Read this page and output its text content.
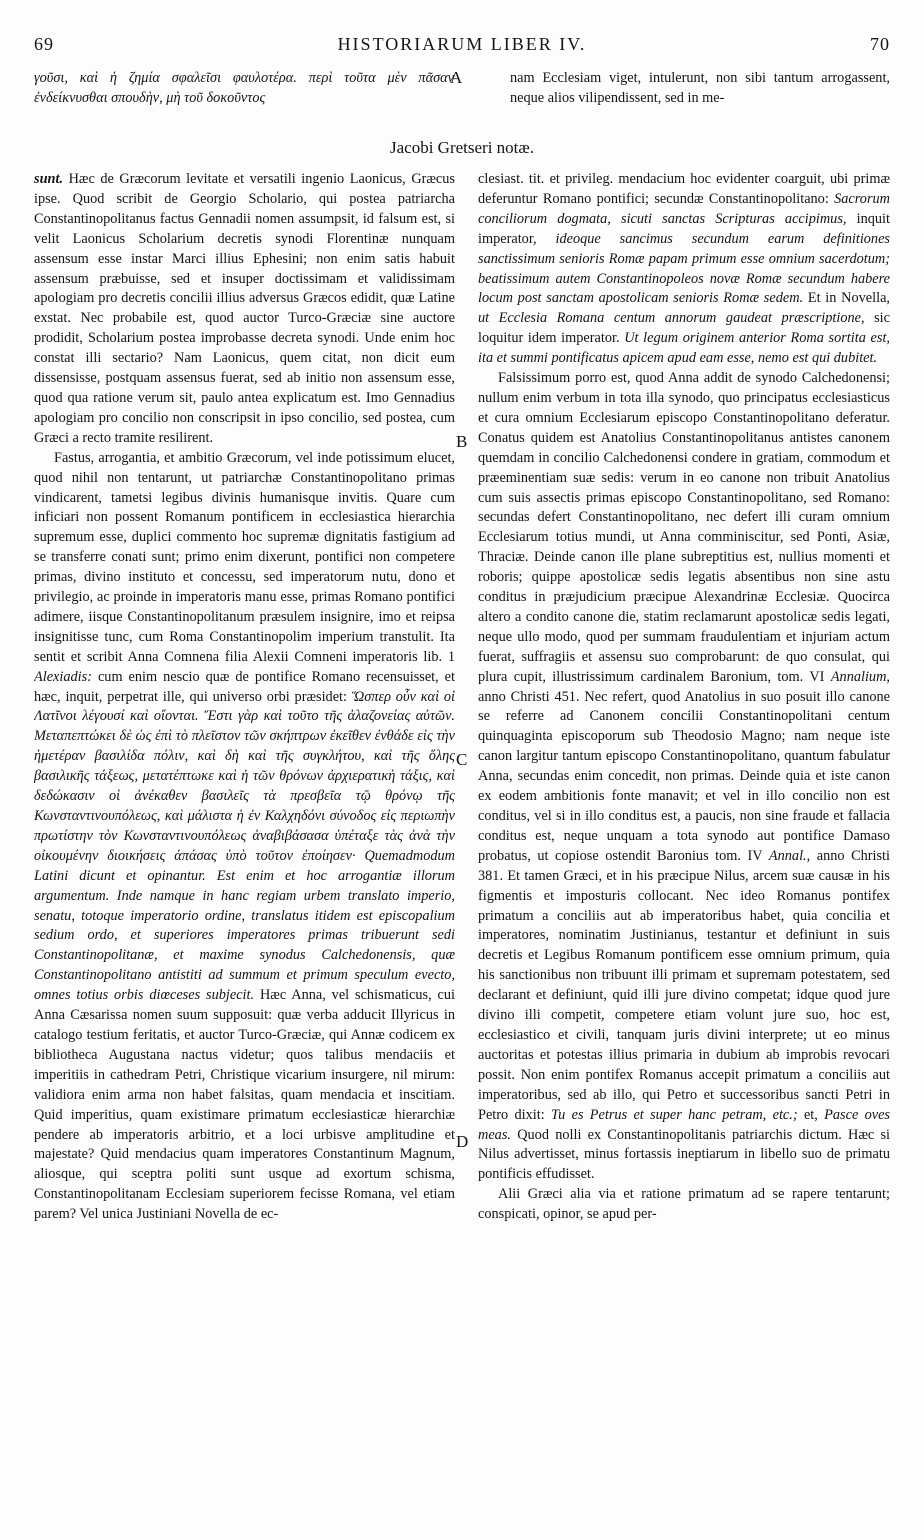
69	HISTORIARUM LIBER IV.	70
γοῦσι, καὶ ἡ ζημία σφαλεῖσι φαυλοτέρα. περὶ τοῦτα μὲν πᾶσαν ἐνδείκνυσθαι σπουδὴν, μὴ τοῦ δοκοῦντος
nam Ecclesiam viget, intulerunt, non sibi tantum arrogassent, neque alios vilipendissent, sed in me-
A
B
C
D
Jacobi Gretseri notæ.

sunt. Hæc de Græcorum levitate et versatili ingenio Laonicus, Græcus ipse. Quod scribit de Georgio Scholario, qui postea patriarcha Constantinopolitanus factus Gennadii nomen assumpsit, id falsum est, si velit Laonicus Scholarium decretis synodi Florentinæ nunquam assensum esse instar Marci illius Ephesini; non enim satis habuit assensum præbuisse, sed et insuper doctissimam et validissimam apologiam pro decretis concilii illius adversus Græcos edidit, quæ Latine exstat. Nec probabile est, quod auctor Turco-Græciæ sine auctore prodidit, Scholarium postea improbasse decreta synodi. Unde enim hoc constat illi sectario? Nam Laonicus, quem citat, non dicit eum dissensisse, postquam assensus fuerat, sed ab initio non assensum esse, quod qua ratione verum sit, paulo antea explicatum est. Imo Gennadius apologiam pro concilio non conscripsit in ipso concilio, sed postea, cum Græci a recto tramite resilirent.

Fastus, arrogantia, et ambitio Græcorum, vel inde potissimum elucet, quod nihil non tentarunt, ut patriarchæ Constantinopolitano primas vindicarent, tametsi legibus divinis humanisque invitis. Quare cum inficiari non possent Romanum pontificem in ecclesiastica hierarchia supremum esse, duplici commento hoc supremæ dignitatis fastigium ad se transferre conati sunt; primo enim dixerunt, pontifici non competere primas, divino instituto et concessu, sed imperatorum nutu, dono et privilegio, ac proinde in imperatoris manu esse, primas Romano pontifici adimere, iisque Constantinopolitanum præsulem insignire, imo et reipsa insignitisse tunc, cum Roma Constantinopolim imperium transtulit. Ita sentit et scribit Anna Comnena filia Alexii Comneni imperatoris lib. 1 Alexiadis: cum enim nescio quæ de pontifice Romano recensuisset, et hæc, inquit, perpetrat ille, qui universo orbi præsidet: Ὥσπερ οὖν καὶ οἱ Λατῖνοι λέγουσί καὶ οἴονται. Ἔστι γὰρ καὶ τοῦτο τῆς ἀλαζονείας αὐτῶν. Μεταπεπτώκει δὲ ὡς ἐπὶ τὸ πλεῖστον τῶν σκήπτρων ἐκεῖθεν ἐνθάδε εἰς τὴν ἡμετέραν βασιλίδα πόλιν, καὶ δὴ καὶ τῆς συγκλήτου, καὶ τῆς ὅλης βασιλικῆς τάξεως, μετατέπτωκε καὶ ἡ τῶν θρόνων ἀρχιερατικὴ τάξις, καὶ δεδώκασιν οἱ ἀνέκαθεν βασιλεῖς τὰ πρεσβεῖα τῷ θρόνῳ τῆς Κωνσταντινουπόλεως, καὶ μάλιστα ἡ ἐν Καλχηδόνι σύνοδος εἰς περιωπὴν πρωτίστην τὸν Κωνσταντινουπόλεως ἀναβιβάσασα ὑπέταξε τὰς ἀνὰ τὴν οἰκουμένην διοικήσεις ἁπάσας ὑπὸ τοῦτον ἐποίησεν· Quemadmodum Latini dicunt et opinantur. Est enim et hoc arrogantiæ illorum argumentum. Inde namque in hanc regiam urbem translato imperio, senatu, totoque imperatorio ordine, translatus itidem est episcopalium sedium ordo, et superiores imperatores primas tribuerunt sedi Constantinopolitanæ, et maxime synodus Calchedonensis, quæ Constantinopolitano antistiti ad summum et primum speculum evecto, omnes totius orbis diœceses subjecit. Hæc Anna, vel schismaticus, cui Anna Cæsarissa nomen suum supposuit: quæ verba adducit Illyricus in catalogo testium feritatis, et auctor Turco-Græciæ, qui Annæ codicem ex bibliotheca Augustana nactus videtur; quos talibus mendaciis et imperitiis in cathedram Petri, Christique vicarium insurgere, nil mirum: validiora enim arma non habet falsitas, quam mendacia et inscitiam. Quid imperitius, quam existimare primatum ecclesiasticæ hierarchiæ pendere ab imperatoris arbitrio, et a loci urbisve amplitudine et majestate? Quid mendacius quam imperatores Constantinum Magnum, aliosque, qui sceptra politi sunt usque ad exortum schisma, Constantinopolitanam Ecclesiam superiorem fecisse Romana, vel etiam parem? Vel unica Justiniani Novella de ec-

clesiast. tit. et privileg. mendacium hoc evidenter coarguit, ubi primæ deferuntur Romano pontifici; secundæ Constantinopolitano: Sacrorum conciliorum dogmata, sicuti sanctas Scripturas accipimus, inquit imperator, ideoque sancimus secundum earum definitiones sanctissimum senioris Romæ papam primum esse omnium sacerdotum; beatissimum autem Constantinopoleos novæ Romæ secundum habere locum post sanctam apostolicam senioris Romæ sedem. Et in Novella, ut Ecclesia Romana centum annorum gaudeat præscriptione, sic loquitur idem imperator. Ut legum originem anterior Roma sortita est, ita et summi pontificatus apicem apud eam esse, nemo est qui dubitet.

Falsissimum porro est, quod Anna addit de synodo Calchedonensi; nullum enim verbum in tota illa synodo, quo principatus ecclesiasticus et cura omnium Ecclesiarum episcopo Constantinopolitano deferatur. Conatus quidem est Anatolius Constantinopolitanus antistes canonem quemdam in concilio Calchedonensi condere in gratiam, commodum et præeminentiam suæ sedis: verum in eo canone non tribuit Anatolius cum suis assectis primas episcopo Constantinopolitano, sed Romano: secundas defert Constantinopolitano, nec defert illi curam omnium Ecclesiarum totius mundi, ut Anna comminiscitur, sed Ponti, Asiæ, Thraciæ. Deinde canon ille plane subreptitius est, nullius momenti et roboris; quippe apostolicæ sedis legatis absentibus non sine astu conditus in præjudicium præcipue Alexandrinæ Ecclesiæ. Quocirca altero a condito canone die, statim reclamarunt apostolicæ sedis legati, neque ullo modo, quod per summam fraudulentiam et injuriam actum fuerat, suffragiis et assensu suo comprobarunt: de quo consulat, qui plura cupit, illustrissimum cardinalem Baronium, tom. VI Annalium, anno Christi 451. Nec refert, quod Anatolius in suo posuit illo canone se referre ad Canonem concilii Constantinopolitani centum quinquaginta episcoporum sub Theodosio Magno; nam neque iste canon largitur tantum episcopo Constantinopolitano, quantum fabulatur Anna, secundas enim concedit, non primas. Deinde quia et iste canon ex eodem ambitionis fonte manavit; et vel in illo concilio non est conditus, vel si in illo conditus est, a paucis, non sine fraude et fallacia conditus est, neque unquam a tota synodo aut pontifice Damaso probatus, ut copiose ostendit Baronius tom. IV Annal., anno Christi 381. Et tamen Græci, et in his præcipue Nilus, arcem suæ causæ in his figmentis et imposturis collocant. Nec ideo Romanus pontifex primatum a conciliis aut ab imperatoribus habet, quia concilia et imperatores, nominatim Justinianus, testantur et definiunt in suis decretis et Legibus Romanum pontificem esse omnium primum, quia his sanctionibus non tribuunt illi primam et supremam potestatem, sed declarant et definiunt, quid illi jure divino competat; idque quod jure divino illi competit, competere etiam volunt jure suo, hoc est, ecclesiastico et civili, tanquam juris divini interprete; ut eo minus auctoritas et potestas illius primaria in dubium ab improbis revocari possit. Non enim pontifex Romanus accepit primatum a conciliis aut imperatoribus, sed ab illo, qui Petro et successoribus sancti Petri in Petro dixit: Tu es Petrus et super hanc petram, etc.; et, Pasce oves meas. Quod nolli ex Constantinopolitanis patriarchis dictum. Hæc si Nilus advertisset, minus fortassis ineptiarum in libello suo de primatu pontificis effudisset.

Alii Græci alia via et ratione primatum ad se rapere tentarunt; conspicati, opinor, se apud per-
